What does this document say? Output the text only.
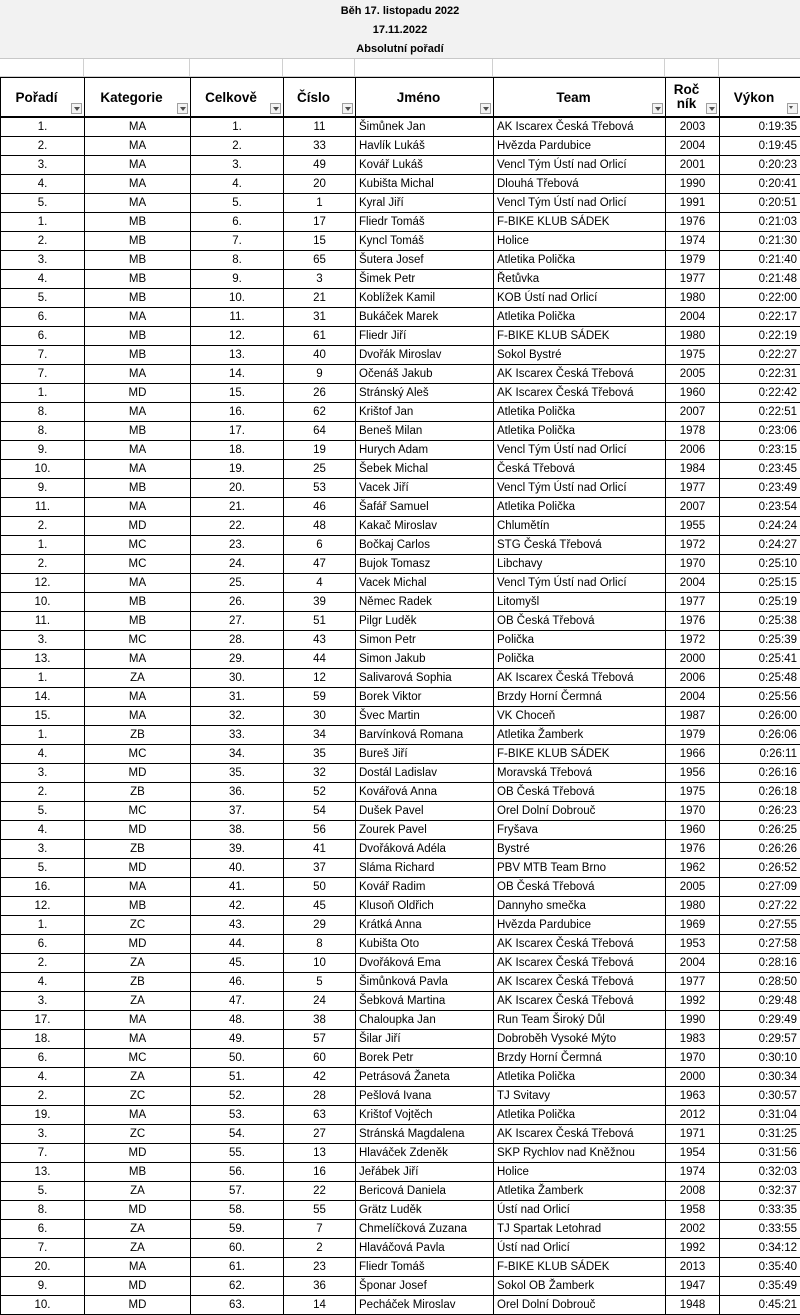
Běh 17. listopadu 2022
17.11.2022
Absolutní pořadí
Pořadí	Kategorie	Celkově	Číslo	Jméno	Team	Ročník	Výkon

1.	MA	1.	11	Šimůnek Jan	AK Iscarex Česká Třebová	2003	0:19:35
2.	MA	2.	33	Havlík Lukáš	Hvězda Pardubice	2004	0:19:45
3.	MA	3.	49	Kovář Lukáš	Vencl Tým Ústí nad Orlicí	2001	0:20:23
4.	MA	4.	20	Kubišta Michal	Dlouhá Třebová	1990	0:20:41
5.	MA	5.	1	Kyral Jiří	Vencl Tým Ústí nad Orlicí	1991	0:20:51
1.	MB	6.	17	Fliedr Tomáš	F-BIKE KLUB SÁDEK	1976	0:21:03
2.	MB	7.	15	Kyncl Tomáš	Holice	1974	0:21:30
3.	MB	8.	65	Šutera Josef	Atletika Polička	1979	0:21:40
4.	MB	9.	3	Šimek Petr	Řetůvka	1977	0:21:48
5.	MB	10.	21	Koblížek Kamil	KOB Ústí nad Orlicí	1980	0:22:00
6.	MA	11.	31	Bukáček Marek	Atletika Polička	2004	0:22:17
6.	MB	12.	61	Fliedr Jiří	F-BIKE KLUB SÁDEK	1980	0:22:19
7.	MB	13.	40	Dvořák Miroslav	Sokol Bystré	1975	0:22:27
7.	MA	14.	9	Očenáš Jakub	AK Iscarex Česká Třebová	2005	0:22:31
1.	MD	15.	26	Stránský Aleš	AK Iscarex Česká Třebová	1960	0:22:42
8.	MA	16.	62	Krištof Jan	Atletika Polička	2007	0:22:51
8.	MB	17.	64	Beneš Milan	Atletika Polička	1978	0:23:06
9.	MA	18.	19	Hurych Adam	Vencl Tým Ústí nad Orlicí	2006	0:23:15
10.	MA	19.	25	Šebek Michal	Česká Třebová	1984	0:23:45
9.	MB	20.	53	Vacek Jiří	Vencl Tým Ústí nad Orlicí	1977	0:23:49
11.	MA	21.	46	Šafář Samuel	Atletika Polička	2007	0:23:54
2.	MD	22.	48	Kakač Miroslav	Chlumětín	1955	0:24:24
1.	MC	23.	6	Bočkaj Carlos	STG Česká Třebová	1972	0:24:27
2.	MC	24.	47	Bujok Tomasz	Libchavy	1970	0:25:10
12.	MA	25.	4	Vacek Michal	Vencl Tým Ústí nad Orlicí	2004	0:25:15
10.	MB	26.	39	Němec Radek	Litomyšl	1977	0:25:19
11.	MB	27.	51	Pilgr Luděk	OB Česká Třebová	1976	0:25:38
3.	MC	28.	43	Simon Petr	Polička	1972	0:25:39
13.	MA	29.	44	Simon Jakub	Polička	2000	0:25:41
1.	ZA	30.	12	Salivarová Sophia	AK Iscarex Česká Třebová	2006	0:25:48
14.	MA	31.	59	Borek Viktor	Brzdy Horní Čermná	2004	0:25:56
15.	MA	32.	30	Švec Martin	VK Choceň	1987	0:26:00
1.	ZB	33.	34	Barvínková Romana	Atletika Žamberk	1979	0:26:06
4.	MC	34.	35	Bureš Jiří	F-BIKE KLUB SÁDEK	1966	0:26:11
3.	MD	35.	32	Dostál Ladislav	Moravská Třebová	1956	0:26:16
2.	ZB	36.	52	Kovářová Anna	OB Česká Třebová	1975	0:26:18
5.	MC	37.	54	Dušek Pavel	Orel Dolní Dobrouč	1970	0:26:23
4.	MD	38.	56	Zourek Pavel	Fryšava	1960	0:26:25
3.	ZB	39.	41	Dvořáková Adéla	Bystré	1976	0:26:26
5.	MD	40.	37	Sláma Richard	PBV MTB Team Brno	1962	0:26:52
16.	MA	41.	50	Kovář Radim	OB Česká Třebová	2005	0:27:09
12.	MB	42.	45	Klusoň Oldřich	Dannyho smečka	1980	0:27:22
1.	ZC	43.	29	Krátká Anna	Hvězda Pardubice	1969	0:27:55
6.	MD	44.	8	Kubišta Oto	AK Iscarex Česká Třebová	1953	0:27:58
2.	ZA	45.	10	Dvořáková Ema	AK Iscarex Česká Třebová	2004	0:28:16
4.	ZB	46.	5	Šimůnková Pavla	AK Iscarex Česká Třebová	1977	0:28:50
3.	ZA	47.	24	Šebková Martina	AK Iscarex Česká Třebová	1992	0:29:48
17.	MA	48.	38	Chaloupka Jan	Run Team Široký Důl	1990	0:29:49
18.	MA	49.	57	Šilar Jiří	Dobroběh Vysoké Mýto	1983	0:29:57
6.	MC	50.	60	Borek Petr	Brzdy Horní Čermná	1970	0:30:10
4.	ZA	51.	42	Petrásová Žaneta	Atletika Polička	2000	0:30:34
2.	ZC	52.	28	Pešlová Ivana	TJ Svitavy	1963	0:30:57
19.	MA	53.	63	Krištof Vojtěch	Atletika Polička	2012	0:31:04
3.	ZC	54.	27	Stránská Magdalena	AK Iscarex Česká Třebová	1971	0:31:25
7.	MD	55.	13	Hlaváček Zdeněk	SKP Rychlov nad Kněžnou	1954	0:31:56
13.	MB	56.	16	Jeřábek Jiří	Holice	1974	0:32:03
5.	ZA	57.	22	Bericová Daniela	Atletika Žamberk	2008	0:32:37
8.	MD	58.	55	Grätz Luděk	Ústí nad Orlicí	1958	0:33:35
6.	ZA	59.	7	Chmelíčková Zuzana	TJ Spartak Letohrad	2002	0:33:55
7.	ZA	60.	2	Hlaváčová Pavla	Ústí nad Orlicí	1992	0:34:12
20.	MA	61.	23	Fliedr Tomáš	F-BIKE KLUB SÁDEK	2013	0:35:40
9.	MD	62.	36	Šponar Josef	Sokol OB Žamberk	1947	0:35:49
10.	MD	63.	14	Pecháček Miroslav	Orel Dolní Dobrouč	1948	0:45:21
